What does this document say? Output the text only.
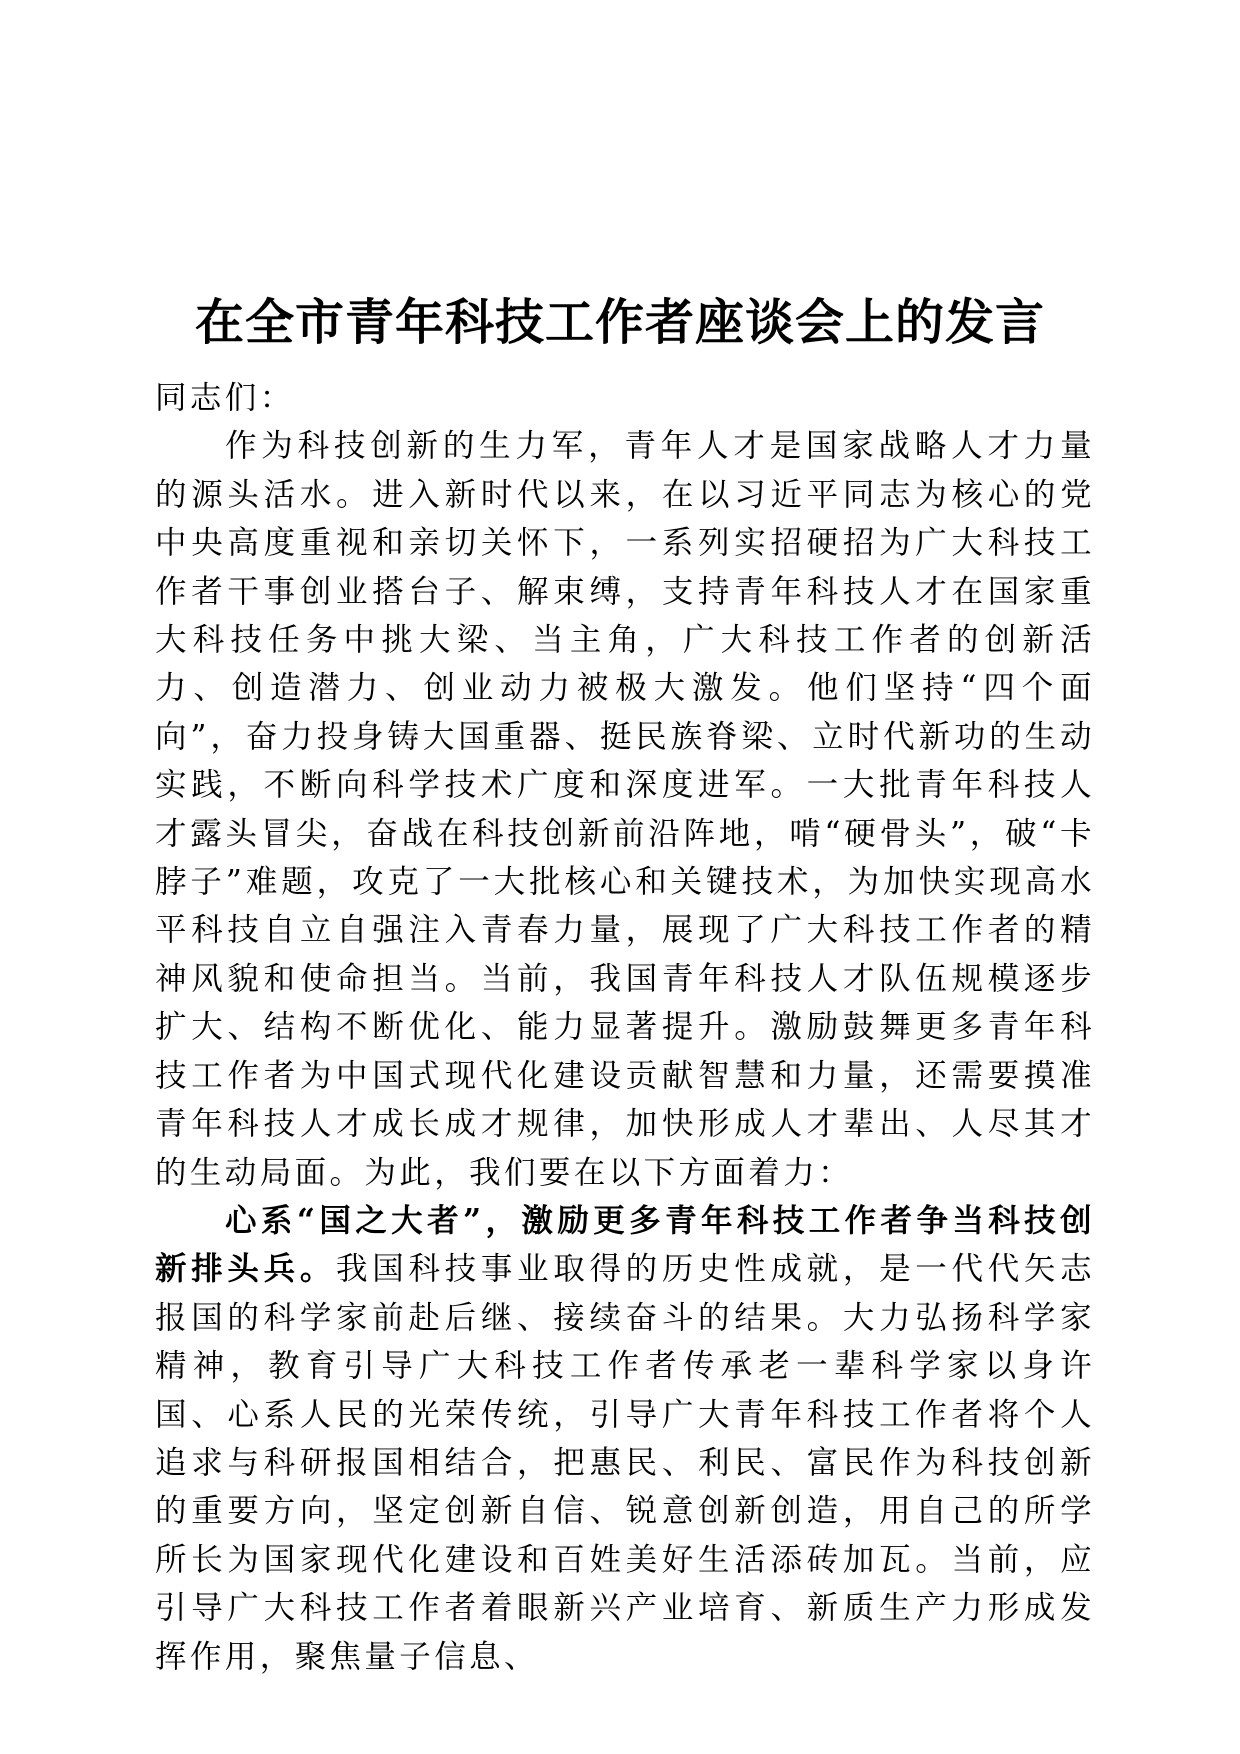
在全市青年科技工作者座谈会上的发言

同志们：

作为科技创新的生力军，青年人才是国家战略人才力量的源头活水。进入新时代以来，在以习近平同志为核心的党中央高度重视和亲切关怀下，一系列实招硬招为广大科技工作者干事创业搭台子、解束缚，支持青年科技人才在国家重大科技任务中挑大梁、当主角，广大科技工作者的创新活力、创造潜力、创业动力被极大激发。他们坚持“四个面向”，奋力投身铸大国重器、挺民族脊梁、立时代新功的生动实践，不断向科学技术广度和深度进军。一大批青年科技人才露头冒尖，奋战在科技创新前沿阵地，啃“硬骨头”，破“卡脖子”难题，攻克了一大批核心和关键技术，为加快实现高水平科技自立自强注入青春力量，展现了广大科技工作者的精神风貌和使命担当。当前，我国青年科技人才队伍规模逐步扩大、结构不断优化、能力显著提升。激励鼓舞更多青年科技工作者为中国式现代化建设贡献智慧和力量，还需要摸准青年科技人才成长成才规律，加快形成人才辈出、人尽其才的生动局面。为此，我们要在以下方面着力：

心系“国之大者”，激励更多青年科技工作者争当科技创新排头兵。我国科技事业取得的历史性成就，是一代代矢志报国的科学家前赴后继、接续奋斗的结果。大力弘扬科学家精神，教育引导广大科技工作者传承老一辈科学家以身许国、心系人民的光荣传统，引导广大青年科技工作者将个人追求与科研报国相结合，把惠民、利民、富民作为科技创新的重要方向，坚定创新自信、锐意创新创造，用自己的所学所长为国家现代化建设和百姓美好生活添砖加瓦。当前，应引导广大科技工作者着眼新兴产业培育、新质生产力形成发挥作用，聚焦量子信息、
